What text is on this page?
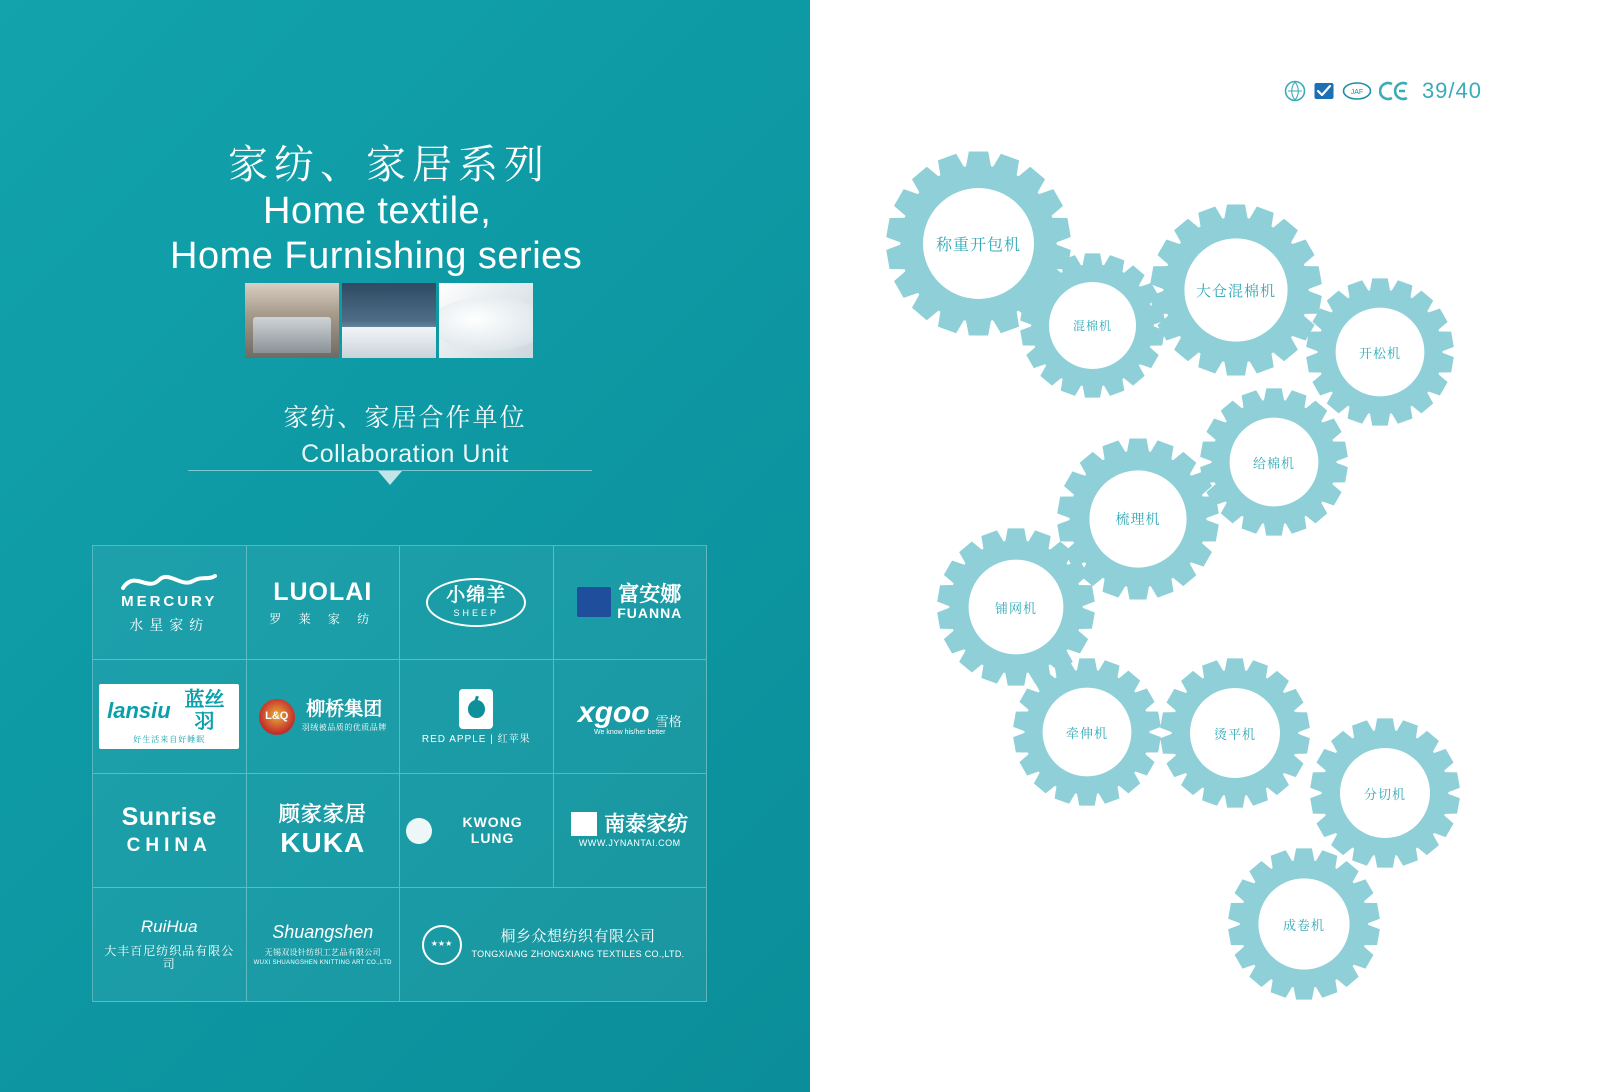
家纺、家居系列
Home textile,
Home Furnishing series
家纺、家居合作单位
Collaboration Unit
MERCURY
水星家纺
LUOLAI
罗 莱 家 纺
小绵羊
SHEEP
富安娜
FUANNA
lansiu 蓝丝羽
好生活来自好睡眠
L&Q 柳桥集团
羽绒被品质的优质品牌
RED APPLE | 红苹果
xgoo 雪格
We know his/her better
Sunrise
CHINA
顾家家居
KUKA
KWONG LUNG
南泰家纺
WWW.JYNANTAI.COM
RuiHua
大丰百尼纺织品有限公司
Shuangshen
无锡双设针纺织工艺品有限公司
WUXI SHUANGSHEN KNITTING ART CO.,LTD
★★★	桐乡众想纺织有限公司
TONGXIANG ZHONGXIANG TEXTILES CO.,LTD.
JAF	39/40
称重开包机
混棉机
大仓混棉机
开松机
给棉机
梳理机
铺网机
牵伸机	烫平机
分切机
成卷机
